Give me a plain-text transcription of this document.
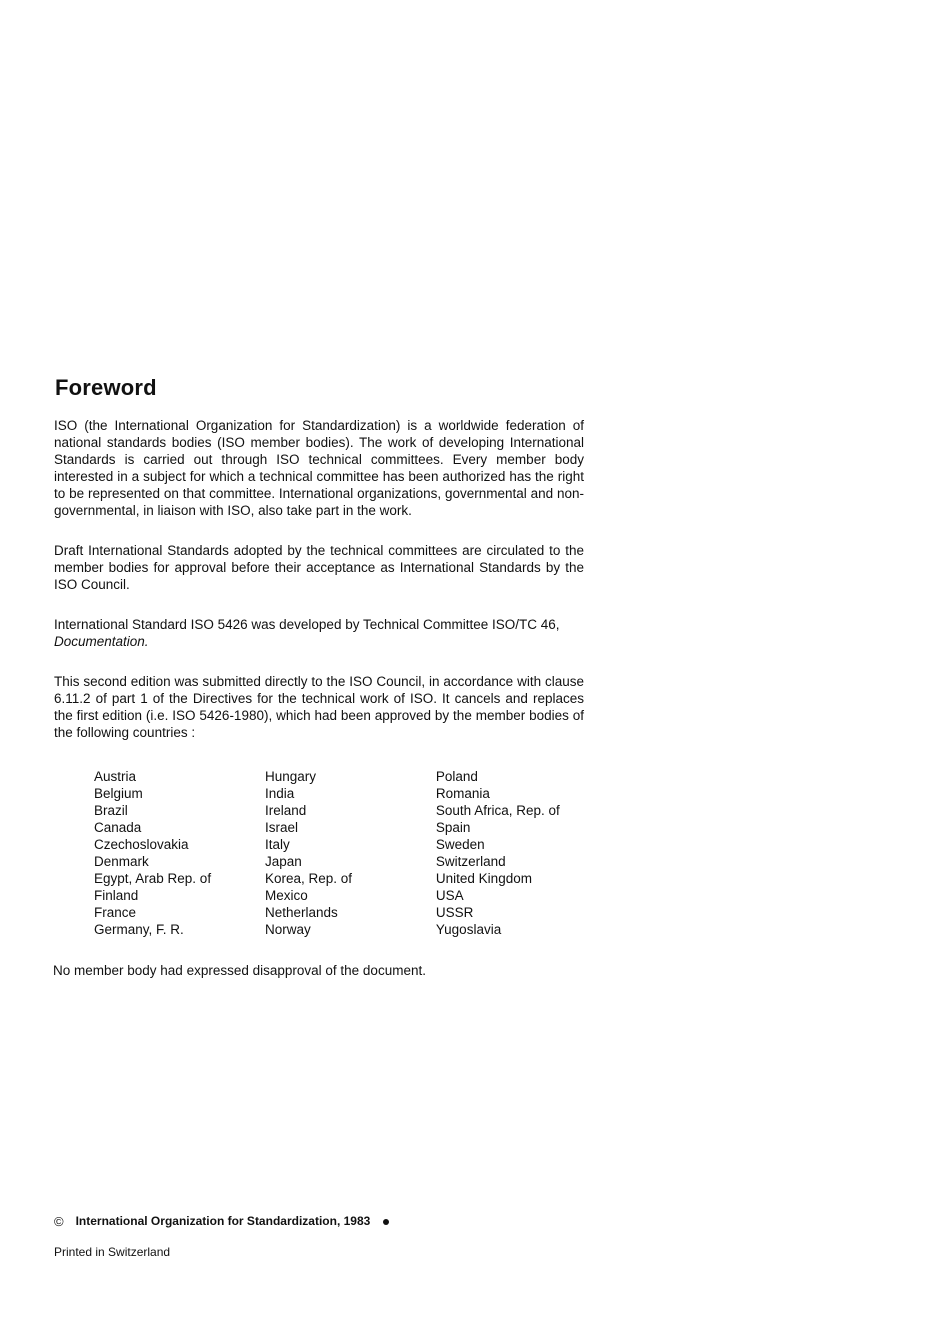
Foreword

ISO (the International Organization for Standardization) is a worldwide federation of national standards bodies (ISO member bodies). The work of developing International Standards is carried out through ISO technical committees. Every member body interested in a subject for which a technical committee has been authorized has the right to be represented on that committee. International organizations, governmental and non-governmental, in liaison with ISO, also take part in the work.

Draft International Standards adopted by the technical committees are circulated to the member bodies for approval before their acceptance as International Standards by the ISO Council.

International Standard ISO 5426 was developed by Technical Committee ISO/TC 46,
Documentation.

This second edition was submitted directly to the ISO Council, in accordance with clause 6.11.2 of part 1 of the Directives for the technical work of ISO. It cancels and replaces the first edition (i.e. ISO 5426-1980), which had been approved by the member bodies of the following countries :

Austria
Belgium
Brazil
Canada
Czechoslovakia
Denmark
Egypt, Arab Rep. of
Finland
France
Germany, F. R.
Hungary
India
Ireland
Israel
Italy
Japan
Korea, Rep. of
Mexico
Netherlands
Norway
Poland
Romania
South Africa, Rep. of
Spain
Sweden
Switzerland
United Kingdom
USA
USSR
Yugoslavia

No member body had expressed disapproval of the document.

© International Organization for Standardization, 1983

Printed in Switzerland
